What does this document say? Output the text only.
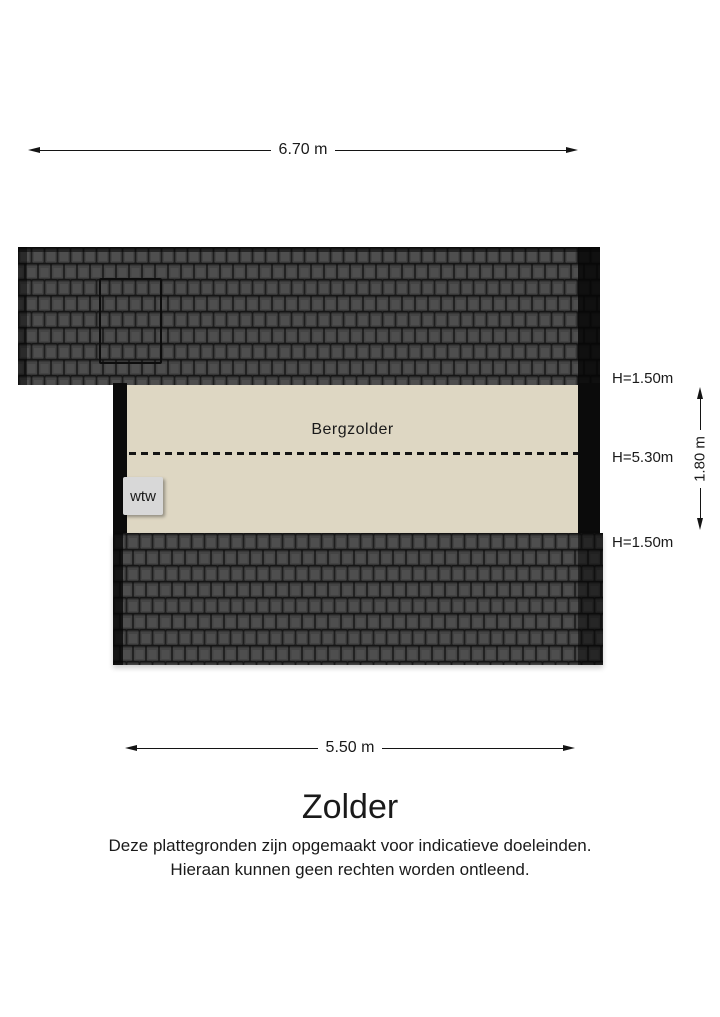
6.70 m
Bergzolder
wtw
H=1.50m
H=5.30m
H=1.50m
1.80 m
5.50 m
Zolder
Deze plattegronden zijn opgemaakt voor indicatieve doeleinden.
Hieraan kunnen geen rechten worden ontleend.
